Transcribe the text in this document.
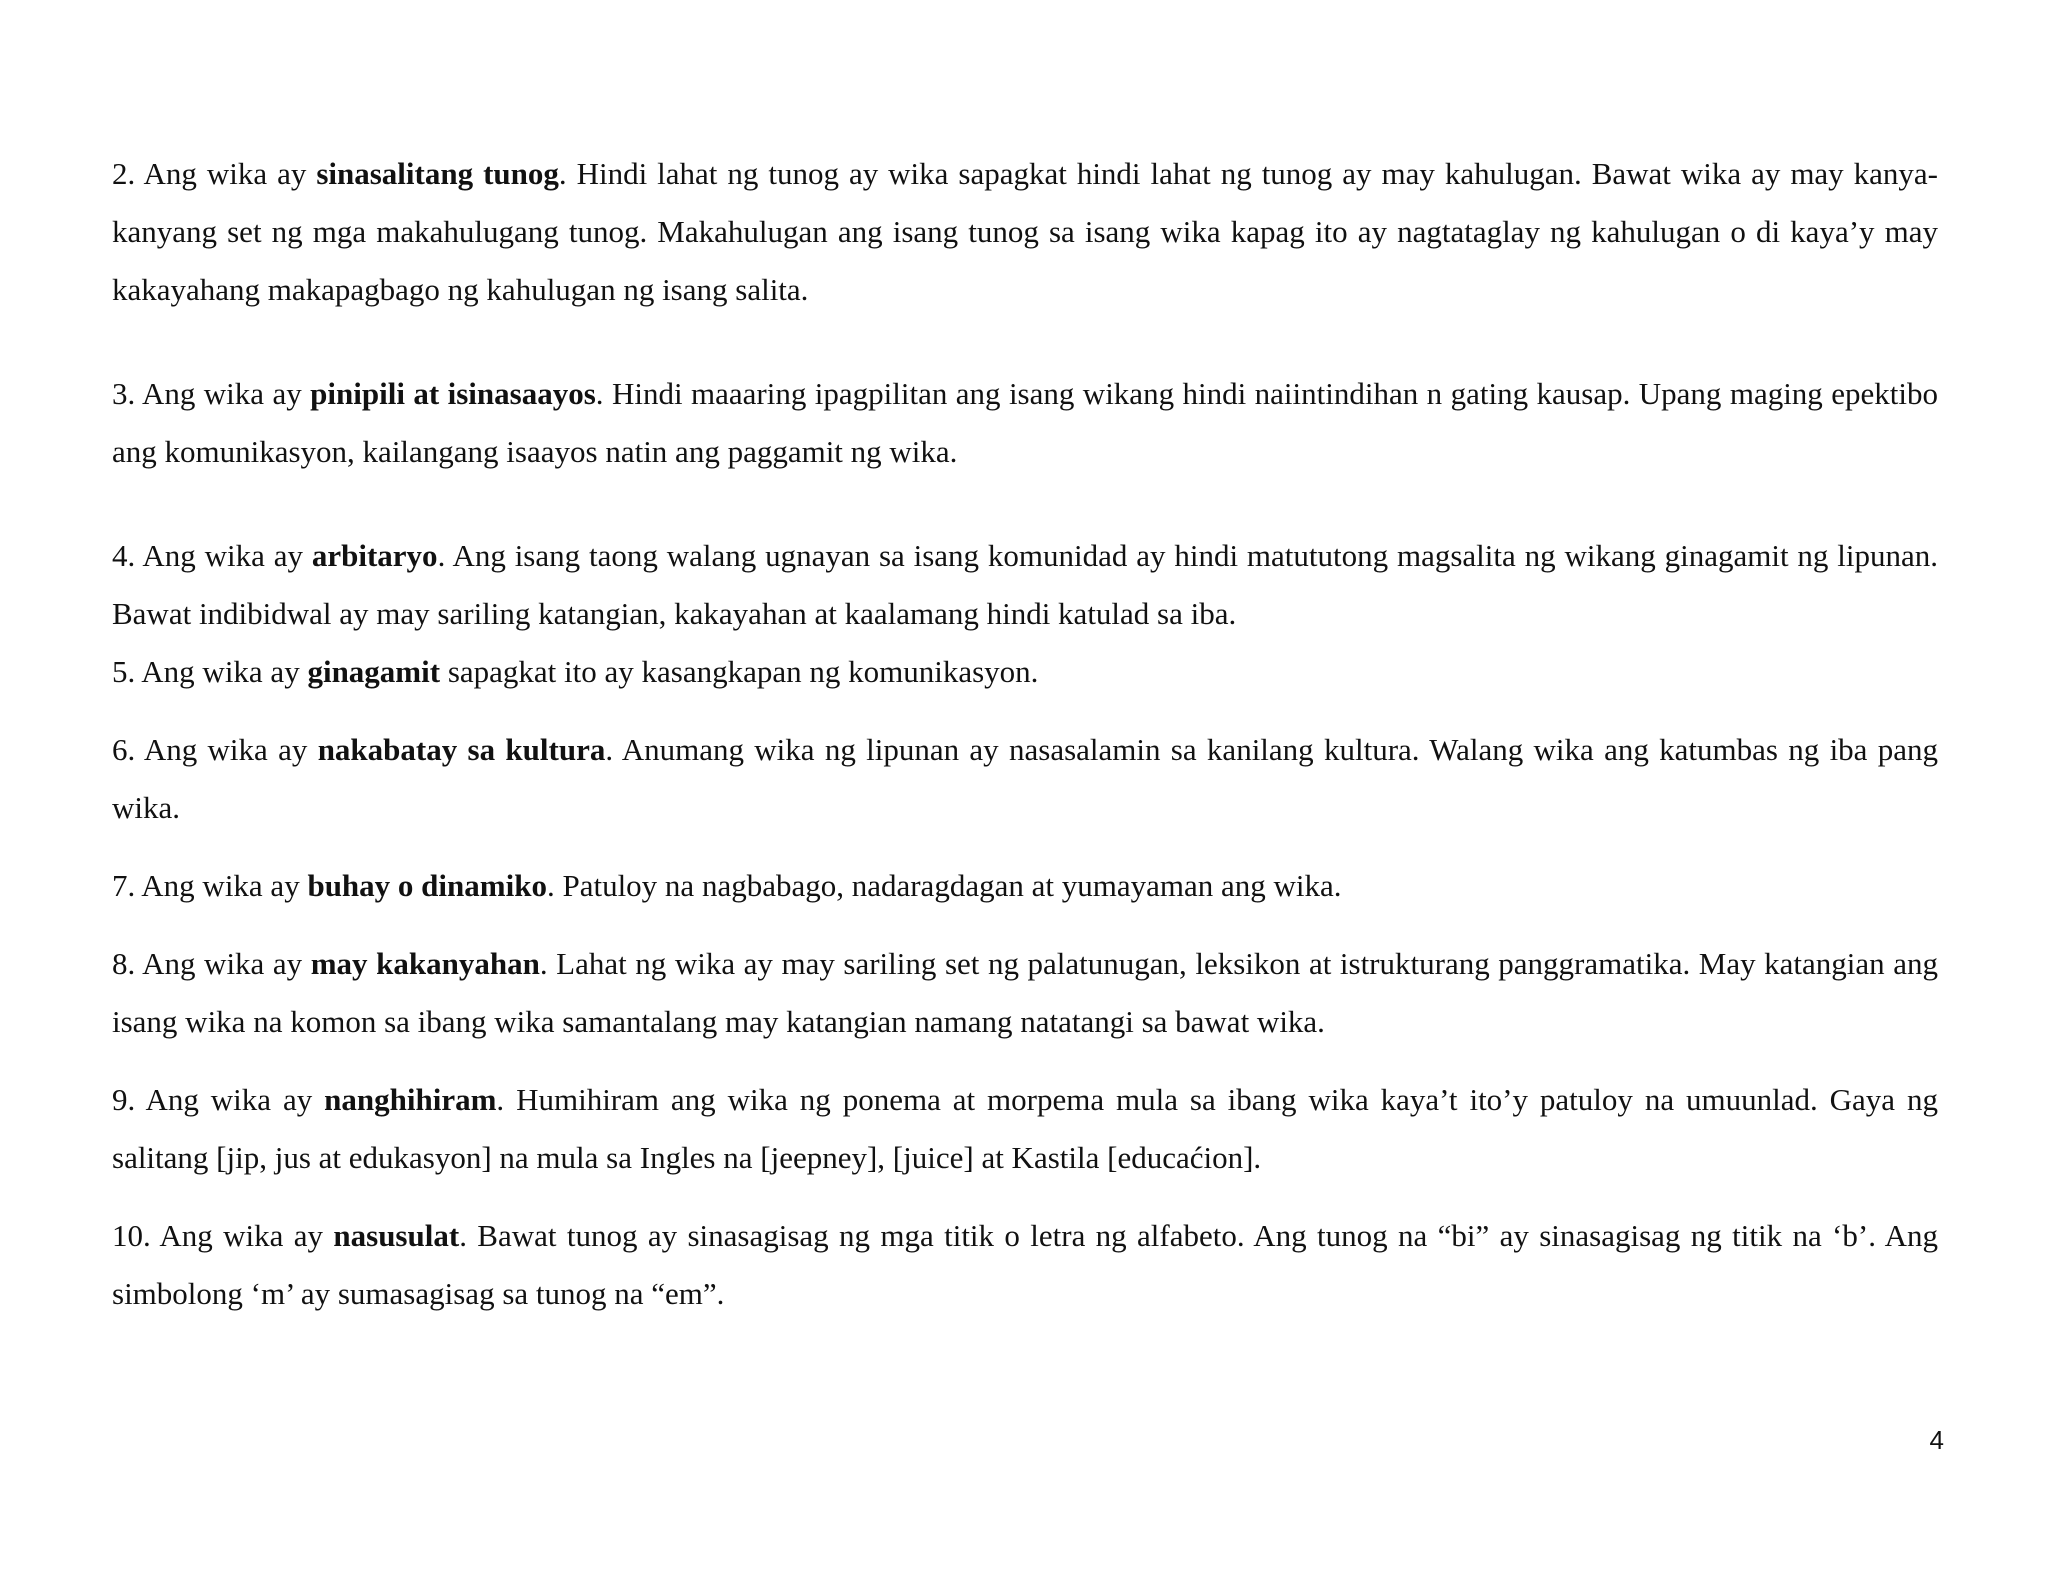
2. Ang wika ay sinasalitang tunog. Hindi lahat ng tunog ay wika sapagkat hindi lahat ng tunog ay may kahulugan. Bawat wika ay may kanya-kanyang set ng mga makahulugang tunog. Makahulugan ang isang tunog sa isang wika kapag ito ay nagtataglay ng kahulugan o di kaya’y may kakayahang makapagbago ng kahulugan ng isang salita.

3. Ang wika ay pinipili at isinasaayos. Hindi maaaring ipagpilitan ang isang wikang hindi naiintindihan n gating kausap. Upang maging epektibo ang komunikasyon, kailangang isaayos natin ang paggamit ng wika.

4. Ang wika ay arbitaryo. Ang isang taong walang ugnayan sa isang komunidad ay hindi matututong magsalita ng wikang ginagamit ng lipunan. Bawat indibidwal ay may sariling katangian, kakayahan at kaalamang hindi katulad sa iba.

5. Ang wika ay ginagamit sapagkat ito ay kasangkapan ng komunikasyon.

6. Ang wika ay nakabatay sa kultura. Anumang wika ng lipunan ay nasasalamin sa kanilang kultura. Walang wika ang katumbas ng iba pang wika.

7. Ang wika ay buhay o dinamiko. Patuloy na nagbabago, nadaragdagan at yumayaman ang wika.

8. Ang wika ay may kakanyahan. Lahat ng wika ay may sariling set ng palatunugan, leksikon at istrukturang panggramatika. May katangian ang isang wika na komon sa ibang wika samantalang may katangian namang natatangi sa bawat wika.

9. Ang wika ay nanghihiram. Humihiram ang wika ng ponema at morpema mula sa ibang wika kaya’t ito’y patuloy na umuunlad. Gaya ng salitang [jip, jus at edukasyon] na mula sa Ingles na [jeepney], [juice] at Kastila [educaćion].

10. Ang wika ay nasusulat. Bawat tunog ay sinasagisag ng mga titik o letra ng alfabeto. Ang tunog na “bi” ay sinasagisag ng titik na ‘b’. Ang simbolong ‘m’ ay sumasagisag sa tunog na “em”.

4
